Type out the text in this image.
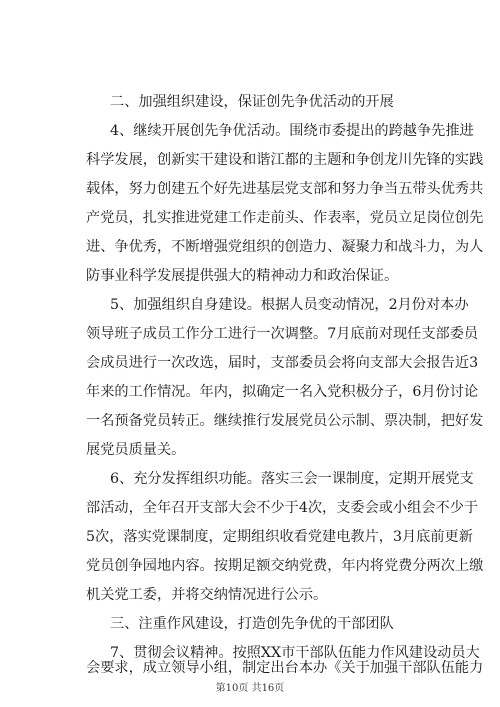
二、加强组织建设，保证创先争优活动的开展
4、继续开展创先争优活动。围绕市委提出的跨越争先推进
科学发展，创新实干建设和谐江都的主题和争创龙川先锋的实践
载体，努力创建五个好先进基层党支部和努力争当五带头优秀共
产党员，扎实推进党建工作走前头、作表率，党员立足岗位创先
进、争优秀，不断增强党组织的创造力、凝聚力和战斗力，为人
防事业科学发展提供强大的精神动力和政治保证。
5、加强组织自身建设。根据人员变动情况，2月份对本办
领导班子成员工作分工进行一次调整。7月底前对现任支部委员
会成员进行一次改选，届时，支部委员会将向支部大会报告近3
年来的工作情况。年内，拟确定一名入党积极分子，6月份讨论
一名预备党员转正。继续推行发展党员公示制、票决制，把好发
展党员质量关。
6、充分发挥组织功能。落实三会一课制度，定期开展党支
部活动，全年召开支部大会不少于4次，支委会或小组会不少于
5次，落实党课制度，定期组织收看党建电教片，3月底前更新
党员创争园地内容。按期足额交纳党费，年内将党费分两次上缴
机关党工委，并将交纳情况进行公示。
三、注重作风建设，打造创先争优的干部团队
7、贯彻会议精神。按照XX市干部队伍能力作风建设动员大
会要求，成立领导小组，制定出台本办《关于加强干部队伍能力
第10页 共16页
